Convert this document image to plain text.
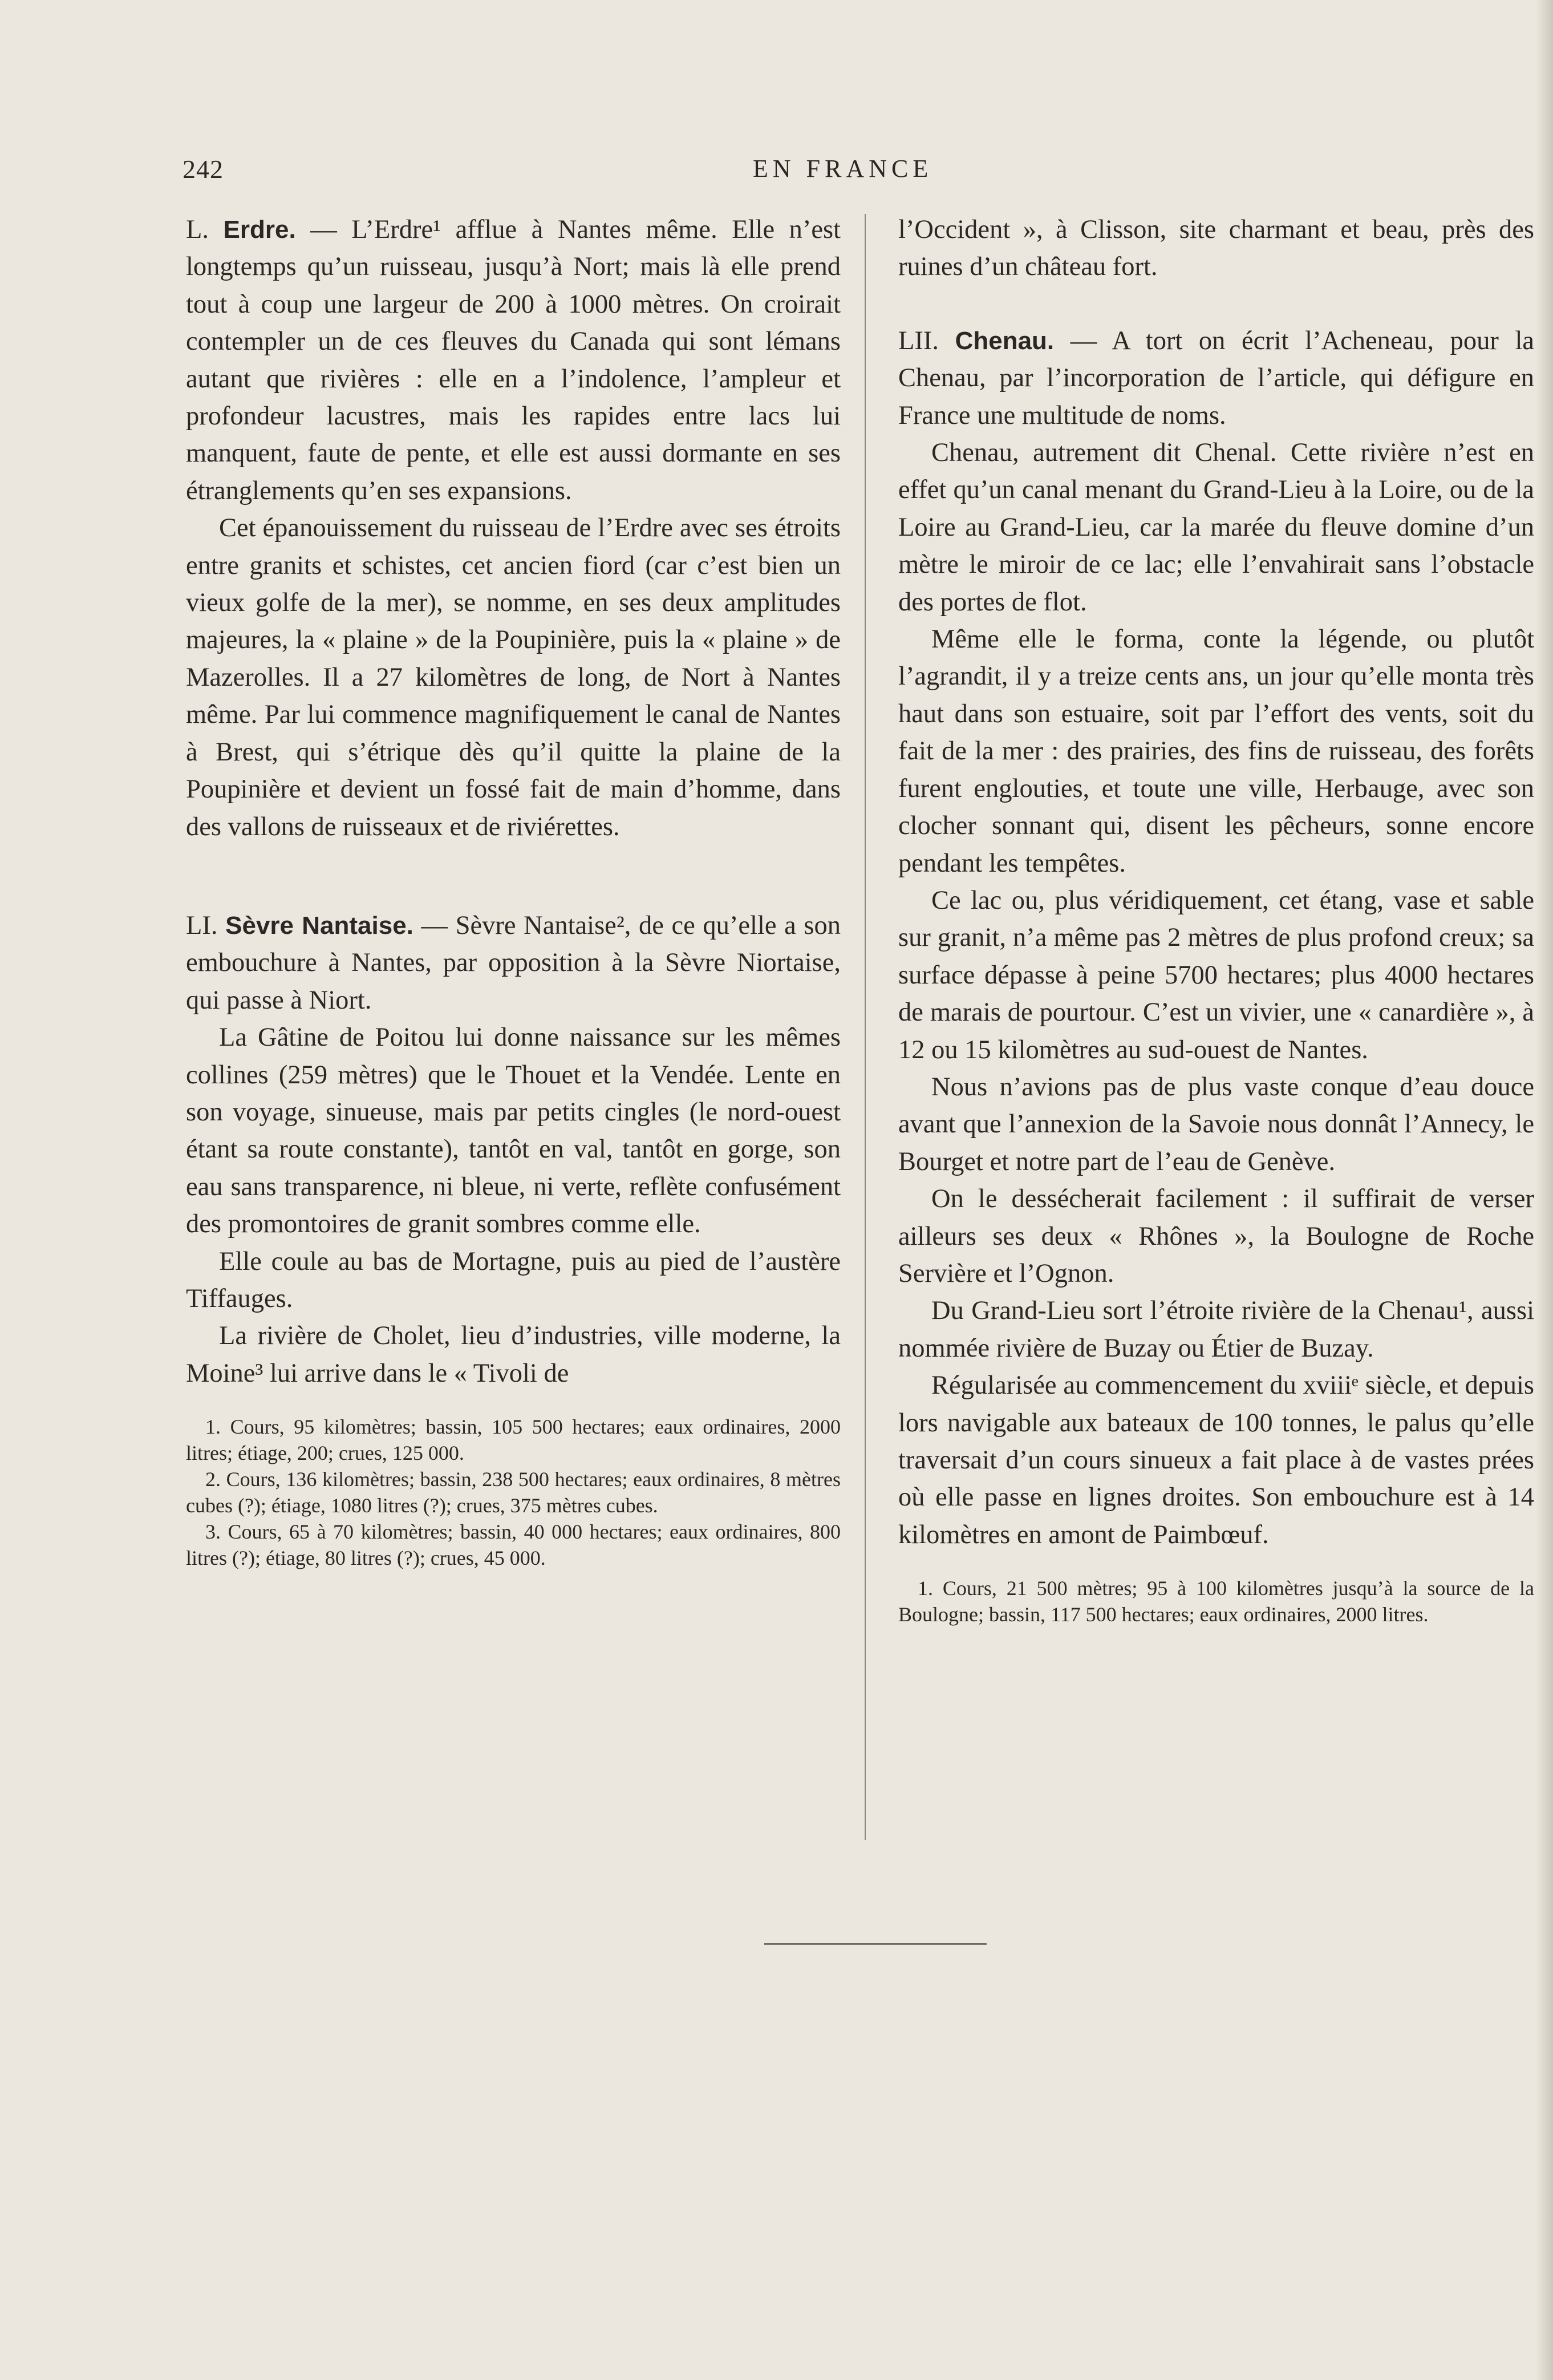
242	EN FRANCE

L. Erdre. — L’Erdre¹ afflue à Nantes même. Elle n’est longtemps qu’un ruisseau, jusqu’à Nort; mais là elle prend tout à coup une largeur de 200 à 1000 mètres. On croirait contempler un de ces fleuves du Canada qui sont lémans autant que rivières : elle en a l’indolence, l’ampleur et profondeur lacustres, mais les rapides entre lacs lui manquent, faute de pente, et elle est aussi dormante en ses étranglements qu’en ses expansions.

Cet épanouissement du ruisseau de l’Erdre avec ses étroits entre granits et schistes, cet ancien fiord (car c’est bien un vieux golfe de la mer), se nomme, en ses deux amplitudes majeures, la « plaine » de la Poupinière, puis la « plaine » de Mazerolles. Il a 27 kilomètres de long, de Nort à Nantes même. Par lui commence magnifiquement le canal de Nantes à Brest, qui s’étrique dès qu’il quitte la plaine de la Poupinière et devient un fossé fait de main d’homme, dans des vallons de ruisseaux et de riviérettes.

LI. Sèvre Nantaise. — Sèvre Nantaise², de ce qu’elle a son embouchure à Nantes, par opposition à la Sèvre Niortaise, qui passe à Niort.

La Gâtine de Poitou lui donne naissance sur les mêmes collines (259 mètres) que le Thouet et la Vendée. Lente en son voyage, sinueuse, mais par petits cingles (le nord-ouest étant sa route constante), tantôt en val, tantôt en gorge, son eau sans transparence, ni bleue, ni verte, reflète confusément des promontoires de granit sombres comme elle.

Elle coule au bas de Mortagne, puis au pied de l’austère Tiffauges.

La rivière de Cholet, lieu d’industries, ville moderne, la Moine³ lui arrive dans le « Tivoli de

1. Cours, 95 kilomètres; bassin, 105 500 hectares; eaux ordinaires, 2000 litres; étiage, 200; crues, 125 000.

2. Cours, 136 kilomètres; bassin, 238 500 hectares; eaux ordinaires, 8 mètres cubes (?); étiage, 1080 litres (?); crues, 375 mètres cubes.

3. Cours, 65 à 70 kilomètres; bassin, 40 000 hectares; eaux ordinaires, 800 litres (?); étiage, 80 litres (?); crues, 45 000.

l’Occident », à Clisson, site charmant et beau, près des ruines d’un château fort.

LII. Chenau. — A tort on écrit l’Acheneau, pour la Chenau, par l’incorporation de l’article, qui défigure en France une multitude de noms.

Chenau, autrement dit Chenal. Cette rivière n’est en effet qu’un canal menant du Grand-Lieu à la Loire, ou de la Loire au Grand-Lieu, car la marée du fleuve domine d’un mètre le miroir de ce lac; elle l’envahirait sans l’obstacle des portes de flot.

Même elle le forma, conte la légende, ou plutôt l’agrandit, il y a treize cents ans, un jour qu’elle monta très haut dans son estuaire, soit par l’effort des vents, soit du fait de la mer : des prairies, des fins de ruisseau, des forêts furent englouties, et toute une ville, Herbauge, avec son clocher sonnant qui, disent les pêcheurs, sonne encore pendant les tempêtes.

Ce lac ou, plus véridiquement, cet étang, vase et sable sur granit, n’a même pas 2 mètres de plus profond creux; sa surface dépasse à peine 5700 hectares; plus 4000 hectares de marais de pourtour. C’est un vivier, une « canardière », à 12 ou 15 kilomètres au sud-ouest de Nantes.

Nous n’avions pas de plus vaste conque d’eau douce avant que l’annexion de la Savoie nous donnât l’Annecy, le Bourget et notre part de l’eau de Genève.

On le dessécherait facilement : il suffirait de verser ailleurs ses deux « Rhônes », la Boulogne de Roche Servière et l’Ognon.

Du Grand-Lieu sort l’étroite rivière de la Chenau¹, aussi nommée rivière de Buzay ou Étier de Buzay.

Régularisée au commencement du xviiiᵉ siècle, et depuis lors navigable aux bateaux de 100 tonnes, le palus qu’elle traversait d’un cours sinueux a fait place à de vastes prées où elle passe en lignes droites. Son embouchure est à 14 kilomètres en amont de Paimbœuf.

1. Cours, 21 500 mètres; 95 à 100 kilomètres jusqu’à la source de la Boulogne; bassin, 117 500 hectares; eaux ordinaires, 2000 litres.
